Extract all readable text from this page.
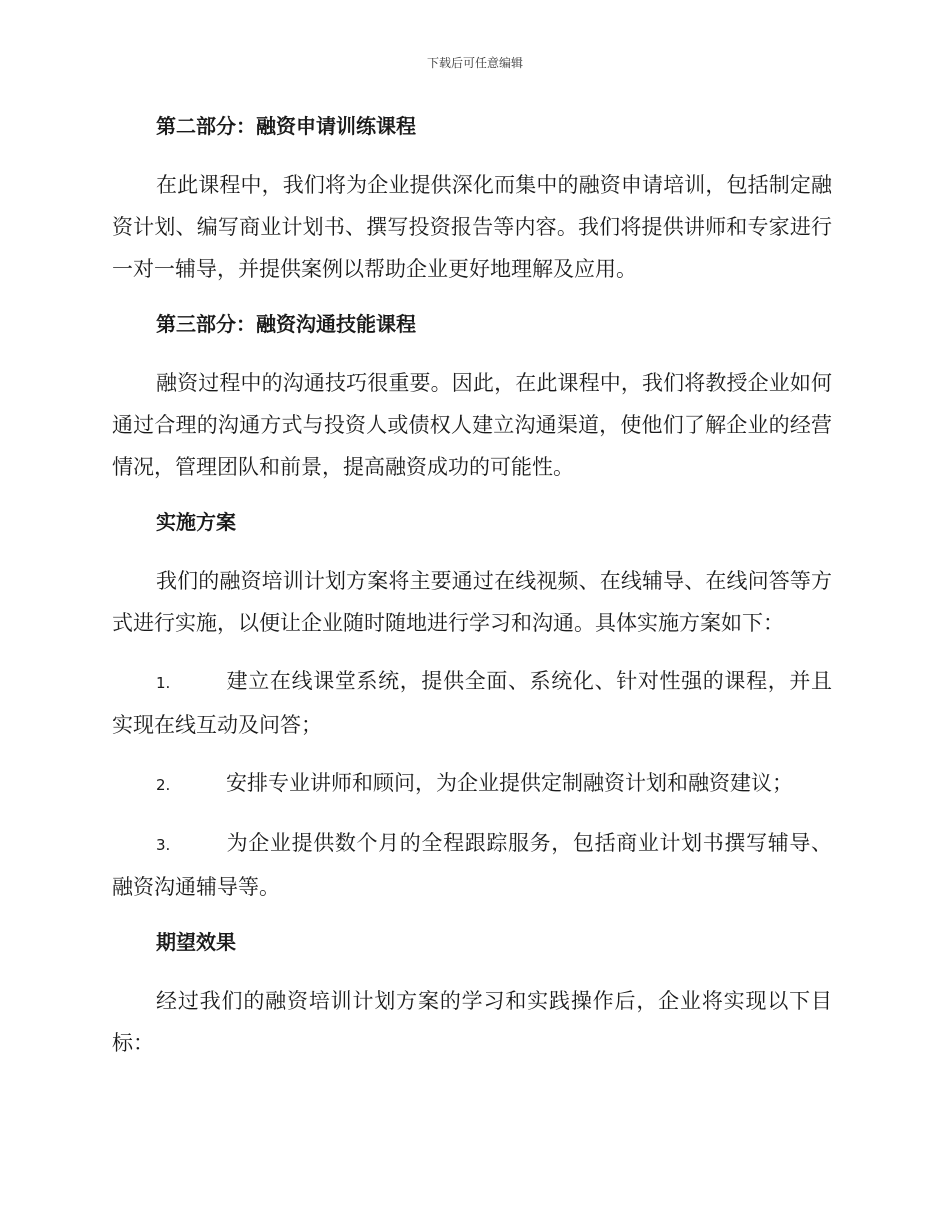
下载后可任意编辑
第二部分：融资申请训练课程

在此课程中，我们将为企业提供深化而集中的融资申请培训，包括制定融资计划、编写商业计划书、撰写投资报告等内容。我们将提供讲师和专家进行一对一辅导，并提供案例以帮助企业更好地理解及应用。

第三部分：融资沟通技能课程

融资过程中的沟通技巧很重要。因此，在此课程中，我们将教授企业如何通过合理的沟通方式与投资人或债权人建立沟通渠道，使他们了解企业的经营情况，管理团队和前景，提高融资成功的可能性。

实施方案

我们的融资培训计划方案将主要通过在线视频、在线辅导、在线问答等方式进行实施，以便让企业随时随地进行学习和沟通。具体实施方案如下：

1.	建立在线课堂系统，提供全面、系统化、针对性强的课程，并且实现在线互动及问答；

2.	安排专业讲师和顾问，为企业提供定制融资计划和融资建议；

3.	为企业提供数个月的全程跟踪服务，包括商业计划书撰写辅导、融资沟通辅导等。

期望效果

经过我们的融资培训计划方案的学习和实践操作后，企业将实现以下目标：
